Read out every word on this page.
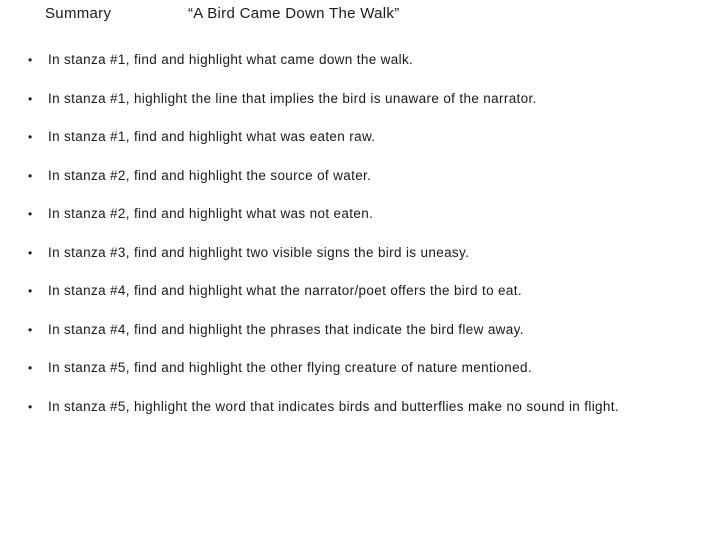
Summary	“A Bird Came Down The Walk”
• In stanza #1, find and highlight what came down the walk.
• In stanza #1, highlight the line that implies the bird is unaware of the narrator.
• In stanza #1, find and highlight what was eaten raw.
• In stanza #2, find and highlight the source of water.
• In stanza #2, find and highlight what was not eaten.
• In stanza #3, find and highlight two visible signs the bird is uneasy.
• In stanza #4, find and highlight what the narrator/poet offers the bird to eat.
• In stanza #4, find and highlight the phrases that indicate the bird flew away.
• In stanza #5, find and highlight the other flying creature of nature mentioned.
• In stanza #5, highlight the word that indicates birds and butterflies make no sound in flight.
